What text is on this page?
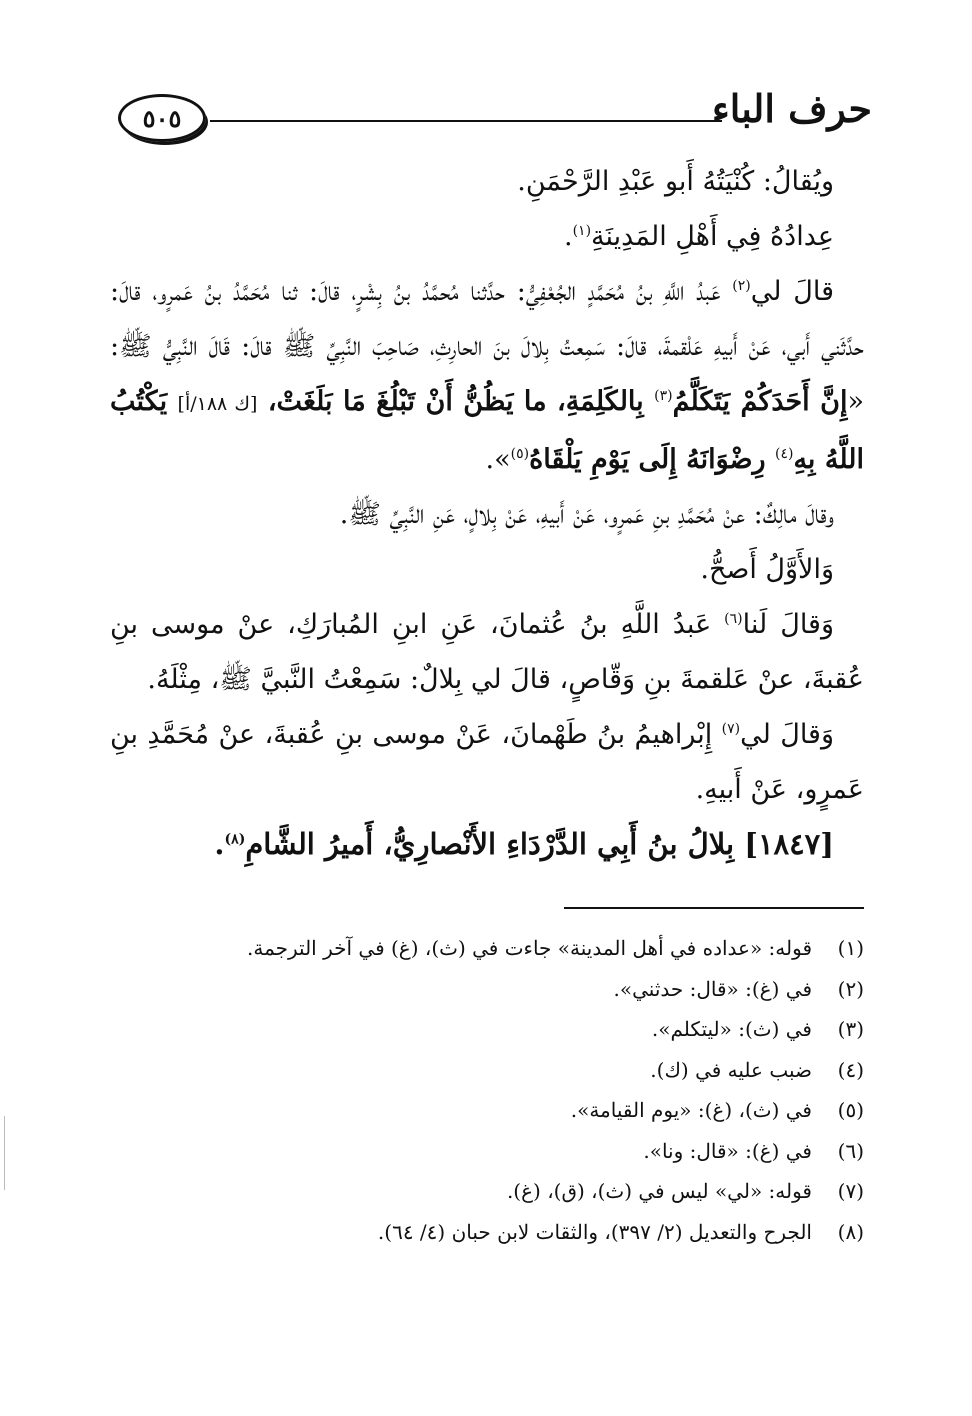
حرف الباء
٥٠٥

ويُقالُ: كُنْيَتُهُ أَبو عَبْدِ الرَّحْمَنِ.

عِدادُهُ فِي أَهْلِ المَدِينَةِ$^{(١)}$.

قالَ لي$^{(٢)}$ عَبدُ اللَّهِ بنُ مُحَمَّدٍ الجُعْفِيُّ: حدَّثنا مُحمَّدُ بنُ بِشْرٍ، قالَ: ثنا مُحَمَّدُ بنُ عَمرٍو، قالَ: حدَّثَني أَبي، عَنْ أَبيهِ عَلْقمةَ، قالَ: سَمِعتُ بِلالَ بنَ الحارِثِ، صَاحِبَ النَّبِيِّ ﷺ قالَ: قَالَ النَّبِيُّ ﷺ: «إِنَّ أَحَدَكُمْ يَتَكَلَّمُ$^{(٣)}$ بِالكَلِمَةِ، ما يَظُنُّ أَنْ تَبْلُغَ مَا بَلَغَتْ، [ك ١٨٨/أ] يَكْتُبُ اللَّهُ بِهِ$^{(٤)}$ رِضْوَانَهُ إِلَى يَوْمِ يَلْقَاهُ$^{(٥)}$».

وقالَ مالِكٌ: عنْ مُحَمَّدِ بنِ عَمرٍو، عَنْ أَبيهِ، عَنْ بِلالٍ، عَنِ النَّبِيِّ ﷺ.

وَالأَوَّلُ أَصحُّ.

وَقالَ لَنا$^{(٦)}$ عَبدُ اللَّهِ بنُ عُثمانَ، عَنِ ابنِ المُبارَكِ، عنْ موسى بنِ عُقبةَ، عنْ عَلقمةَ بنِ وَقّاصٍ، قالَ لي بِلالٌ: سَمِعْتُ النَّبيَّ ﷺ، مِثْلَهُ.

وَقالَ لي$^{(٧)}$ إِبْراهيمُ بنُ طَهْمانَ، عَنْ موسى بنِ عُقبةَ، عنْ مُحَمَّدِ بنِ عَمرٍو، عَنْ أَبيهِ.

[١٨٤٧] بِلالُ بنُ أَبِي الدَّرْدَاءِ الأَنْصارِيُّ، أَميرُ الشَّامِ$^{(٨)}$.

(١)
قوله: «عداده في أهل المدينة» جاءت في (ث)، (غ) في آخر الترجمة.
(٢)
في (غ): «قال: حدثني».
(٣)
في (ث): «ليتكلم».
(٤)
ضبب عليه في (ك).
(٥)
في (ث)، (غ): «يوم القيامة».
(٦)
في (غ): «قال: ونا».
(٧)
قوله: «لي» ليس في (ث)، (ق)، (غ).
(٨)
الجرح والتعديل (٢/ ٣٩٧)، والثقات لابن حبان (٤/ ٦٤).
